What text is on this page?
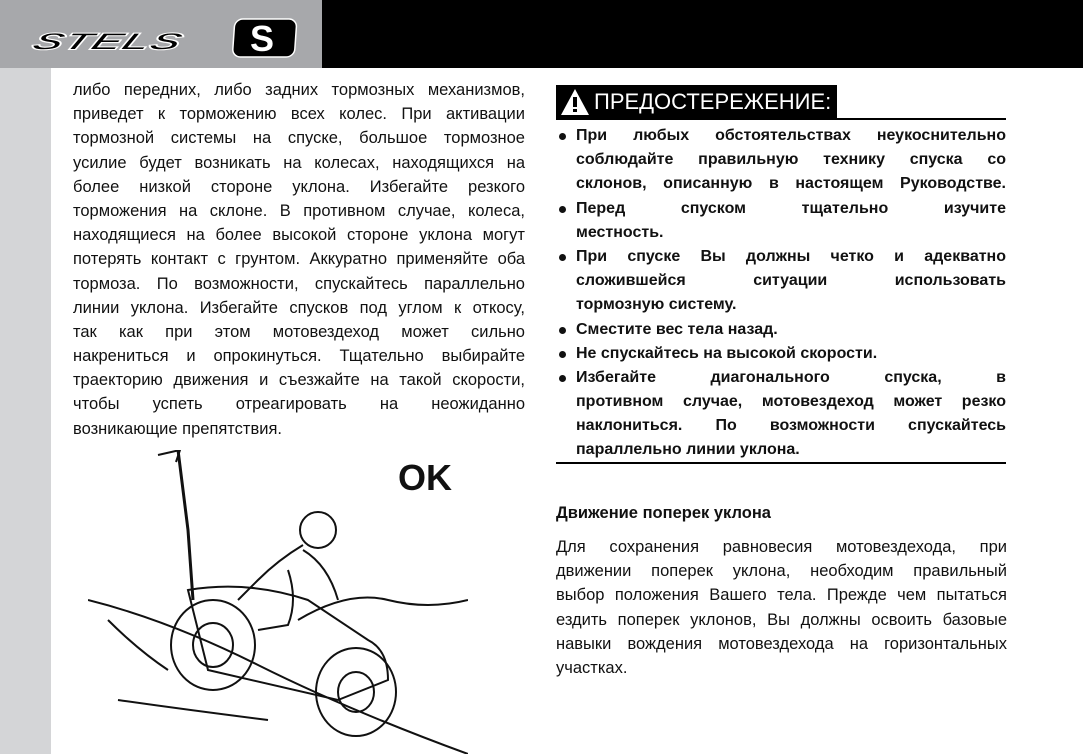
STELS S
либо передних, либо задних тормозных механизмов,
приведет к торможению всех колес. При активации
тормозной системы на спуске, большое тормозное
усилие будет возникать на колесах, находящихся на
более низкой стороне уклона. Избегайте резкого
торможения на склоне. В противном случае, колеса,
находящиеся на более высокой стороне уклона могут
потерять контакт с грунтом. Аккуратно применяйте оба
тормоза. По возможности, спускайтесь параллельно
линии уклона. Избегайте спусков под углом к откосу,
так как при этом мотовездеход может сильно
накрениться и опрокинуться. Тщательно выбирайте
траекторию движения и съезжайте на такой скорости,
чтобы успеть отреагировать на неожиданно
возникающие препятствия.
ПРЕДОСТЕРЕЖЕНИЕ:
При любых обстоятельствах неукоснительно
соблюдайте правильную технику спуска со
склонов, описанную в настоящем Руководстве.
Перед спуском тщательно изучите
местность.
При спуске Вы должны четко и адекватно
сложившейся ситуации использовать
тормозную систему.
Сместите вес тела назад.
Не спускайтесь на высокой скорости.
Избегайте диагонального спуска, в
противном случае, мотовездеход может резко
наклониться. По возможности спускайтесь
параллельно линии уклона.
Движение поперек уклона
Для сохранения равновесия мотовездехода, при
движении поперек уклона, необходим правильный
выбор положения Вашего тела. Прежде чем пытаться
ездить поперек уклонов, Вы должны освоить базовые
навыки вождения мотовездехода на горизонтальных
участках.
OK
